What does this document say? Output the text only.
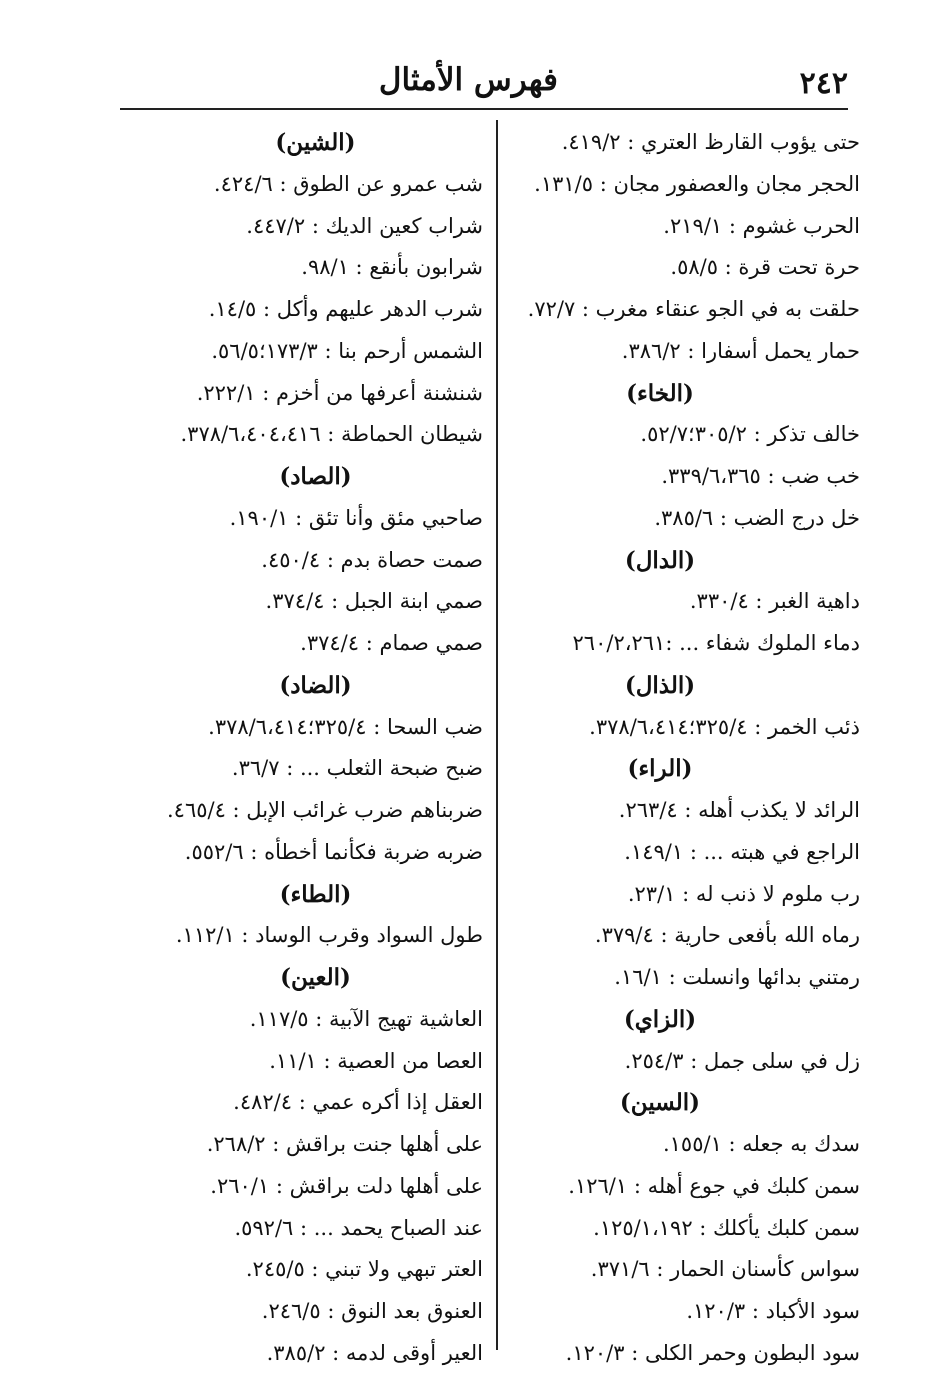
٢٤٢
فهرس الأمثال
حتى يؤوب القارظ العتري : ٤١٩/٢.
الحجر مجان والعصفور مجان : ١٣١/٥.
الحرب غشوم : ٢١٩/١.
حرة تحت قرة : ٥٨/٥.
حلقت به في الجو عنقاء مغرب : ٧٢/٧.
حمار يحمل أسفارا : ٣٨٦/٢.
(الخاء)
خالف تذكر : ٣٠٥/٢؛٥٢/٧.
خب ضب : ٣٣٩/٦،٣٦٥.
خل درج الضب : ٣٨٥/٦.
(الدال)
داهية الغبر : ٣٣٠/٤.
دماء الملوك شفاء ... :٢٦٠/٢،٢٦١
(الذال)
ذئب الخمر : ٣٢٥/٤؛٣٧٨/٦،٤١٤.
(الراء)
الرائد لا يكذب أهله : ٢٦٣/٤.
الراجع في هبته ... : ١٤٩/١.
رب ملوم لا ذنب له : ٢٣/١.
رماه الله بأفعى حارية : ٣٧٩/٤.
رمتني بدائها وانسلت : ١٦/١.
(الزاي)
زل في سلى جمل : ٢٥٤/٣.
(السين)
سدك به جعله : ١٥٥/١.
سمن كلبك في جوع أهله : ١٢٦/١.
سمن كلبك يأكلك : ١٢٥/١،١٩٢.
سواس كأسنان الحمار : ٣٧١/٦.
سود الأكباد : ١٢٠/٣.
سود البطون وحمر الكلى : ١٢٠/٣.
(الشين)
شب عمرو عن الطوق : ٤٢٤/٦.
شراب كعين الديك : ٤٤٧/٢.
شرابون بأنقع : ٩٨/١.
شرب الدهر عليهم وأكل : ١٤/٥.
الشمس أرحم بنا : ١٧٣/٣؛٥٦/٥.
شنشنة أعرفها من أخزم : ٢٢٢/١.
شيطان الحماطة : ٣٧٨/٦،٤٠٤،٤١٦.
(الصاد)
صاحبي مئق وأنا تئق : ١٩٠/١.
صمت حصاة بدم : ٤٥٠/٤.
صمي ابنة الجبل : ٣٧٤/٤.
صمي صمام : ٣٧٤/٤.
(الضاد)
ضب السحا : ٣٢٥/٤؛٣٧٨/٦،٤١٤.
ضبح ضبحة الثعلب ... : ٣٦/٧.
ضربناهم ضرب غرائب الإبل : ٤٦٥/٤.
ضربه ضربة فكأنما أخطأه : ٥٥٢/٦.
(الطاء)
طول السواد وقرب الوساد : ١١٢/١.
(العين)
العاشية تهيج الآبية : ١١٧/٥.
العصا من العصية : ١١/١.
العقل إذا أكره عمي : ٤٨٢/٤.
على أهلها جنت براقش : ٢٦٨/٢.
على أهلها دلت براقش : ٢٦٠/١.
عند الصباح يحمد ... : ٥٩٢/٦.
العتر تبهي ولا تبني : ٢٤٥/٥.
العنوق بعد النوق : ٢٤٦/٥.
العير أوقى لدمه : ٣٨٥/٢.
